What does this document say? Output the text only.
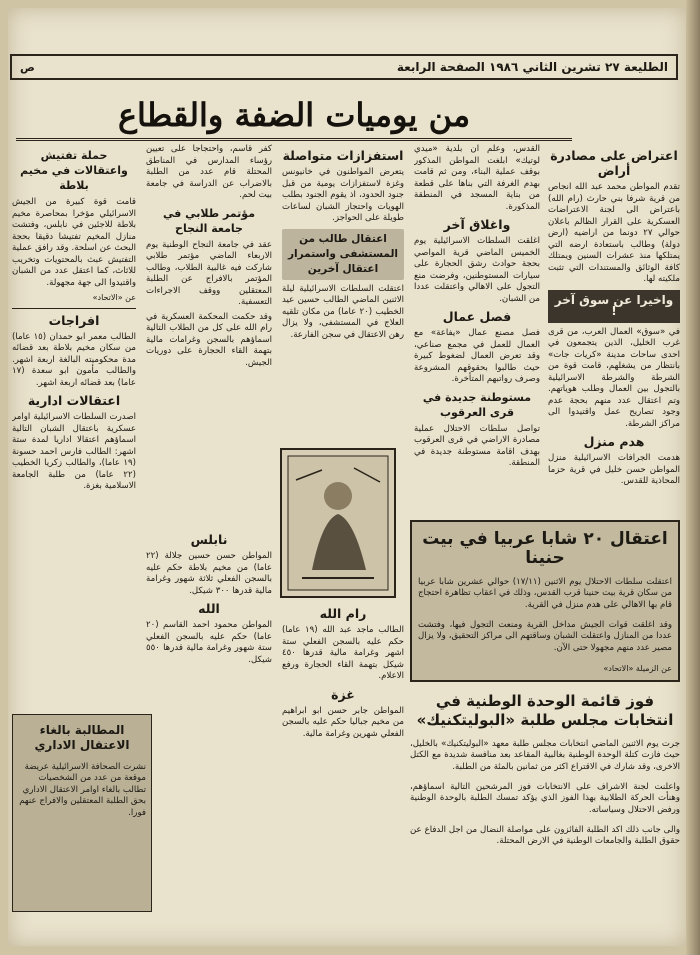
الطليعة ٢٧ تشرين الثاني ١٩٨٦ الصفحة الرابعة
ص
من يوميات الضفة والقطاع
اعتراض على مصادرة أراض

تقدم المواطن محمد عبد الله انجاص من قرية شرفا بني حارث (رام الله) باعتراض الى لجنة الاعتراضات العسكرية على القرار الظالم باعلان حوالي ٢٧ دونما من اراضيه (ارض دولة) وطالب باستعادة ارضه التي يمتلكها منذ عشرات السنين ويمتلك كافة الوثائق والمستندات التي تثبت ملكيته لها.

واخيرا عن سوق آخر !

في «سوق» العمال العرب، من قرى غرب الخليل، الذين يتجمعون في احدى ساحات مدينة «كريات جات» بانتظار من يشغلهم، قامت قوة من الشرطة والشرطة الاسرائيلية بالتجول بين العمال وطلب هوياتهم. وتم اعتقال عدد منهم بحجة عدم وجود تصاريح عمل واقتيدوا الى مراكز الشرطة.

هدم منزل

هدمت الجرافات الاسرائيلية منزل المواطن حسن خليل في قرية حزما المحاذية للقدس.

القدس، وعلم ان بلدية «ميدي لوتيك» ابلغت المواطن المذكور بوقف عملية البناء، ومن ثم قامت بهدم الغرفة التي بناها على قطعة من بناية المسجد في المنطقة المذكورة.

واغلاق آخر

اغلقت السلطات الاسرائيلية يوم الخميس الماضي قرية المواصي بحجة حوادث رشق الحجارة على سيارات المستوطنين، وفرضت منع التجول على الاهالي واعتقلت عددا من الشبان.

فصل عمال

فصل مصنع عمال «يفاعة» مع العمال للعمل في مجمع صناعي، وقد تعرض العمال لضغوط كبيرة حيث طالبوا بحقوقهم المشروعة وصرف رواتبهم المتأخرة.

مستوطنة جديدة في قرى العرقوب

تواصل سلطات الاحتلال عملية مصادرة الاراضي في قرى العرقوب بهدف اقامة مستوطنة جديدة في المنطقة.

استفزازات متواصلة

يتعرض المواطنون في خانيونس وغزة لاستفزازات يومية من قبل جنود الحدود، اذ يقوم الجنود بطلب الهويات واحتجاز الشبان لساعات طويلة على الحواجز.

اعتقال طالب من المستشفى واستمرار اعتقال آخرين

اعتقلت السلطات الاسرائيلية ليلة الاثنين الماضي الطالب حسين عيد الخطيب (٢٠ عاما) من مكان تلقيه العلاج في المستشفى، ولا يزال رهن الاعتقال في سجن الفارعة.

كفر قاسم، واحتجاجا على تعيين رؤساء المدارس في المناطق المحتلة قام عدد من الطلبة بالاضراب عن الدراسة في جامعة بيت لحم.

مؤتمر طلابي في جامعة النجاح

عقد في جامعة النجاح الوطنية يوم الاربعاء الماضي مؤتمر طلابي شاركت فيه غالبية الطلاب، وطالب المؤتمر بالافراج عن الطلبة المعتقلين ووقف الاجراءات التعسفية.

وقد حكمت المحكمة العسكرية في رام الله على كل من الطلاب التالية اسماؤهم بالسجن وغرامات مالية بتهمة القاء الحجارة على دوريات الجيش.

حملة تفتيش واعتقالات في مخيم بلاطة

قامت قوة كبيرة من الجيش الاسرائيلي مؤخرا بمحاصرة مخيم بلاطة للاجئين في نابلس، وفتشت منازل المخيم تفتيشا دقيقا بحجة البحث عن اسلحة. وقد رافق عملية التفتيش عبث بالمحتويات وتخريب للاثاث، كما اعتقل عدد من الشبان واقتيدوا الى جهة مجهولة.

عن «الاتحاد»
افراجات

الطالب معمر ابو حمدان (١٥ عاما) من سكان مخيم بلاطة بعد قضائه مدة محكوميته البالغة اربعة اشهر. والطالب مأمون ابو سعدة (١٧ عاما) بعد قضائه اربعة اشهر.

اعتقالات ادارية

اصدرت السلطات الاسرائيلية اوامر عسكرية باعتقال الشبان التالية اسماؤهم اعتقالا اداريا لمدة ستة اشهر: الطالب فارس احمد حسونة (١٩ عاما)، والطالب زكريا الخطيب (٢٢ عاما) من طلبة الجامعة الاسلامية بغزة.

المطالبة بالغاء الاعتقال الاداري

نشرت الصحافة الاسرائيلية عريضة موقعة من عدد من الشخصيات تطالب بالغاء اوامر الاعتقال الاداري بحق الطلبة المعتقلين والافراج عنهم فورا.

نابلس

المواطن حسن حسين جلالة (٢٢ عاما) من مخيم بلاطة حكم عليه بالسجن الفعلي ثلاثة شهور وغرامة مالية قدرها ٣٠٠ شيكل.

الله

المواطن محمود احمد القاسم (٢٠ عاما) حكم عليه بالسجن الفعلي ستة شهور وغرامة مالية قدرها ٥٥٠ شيكل.

رام الله

الطالب ماجد عبد الله (١٩ عاما) حكم عليه بالسجن الفعلي ستة اشهر وغرامة مالية قدرها ٤٥٠ شيكل بتهمة القاء الحجارة ورفع الاعلام.

غزة

المواطن جابر حسن ابو ابراهيم من مخيم جباليا حكم عليه بالسجن الفعلي شهرين وغرامة مالية.

اعتقال ٢٠ شابا عربيا في بيت حنينا

اعتقلت سلطات الاحتلال يوم الاثنين (١٧/١١) حوالي عشرين شابا عربيا من سكان قرية بيت حنينا قرب القدس، وذلك في اعقاب تظاهرة احتجاج قام بها الاهالي على هدم منزل في القرية.

وقد اغلقت قوات الجيش مداخل القرية ومنعت التجول فيها، وفتشت عددا من المنازل واعتقلت الشبان وساقتهم الى مراكز التحقيق، ولا يزال مصير عدد منهم مجهولا حتى الآن.

عن الزميلة «الاتحاد»
فوز قائمة الوحدة الوطنية في انتخابات مجلس طلبة «البوليتكنيك»

جرت يوم الاثنين الماضي انتخابات مجلس طلبة معهد «البوليتكنيك» بالخليل، حيث فازت كتلة الوحدة الوطنية بغالبية المقاعد بعد منافسة شديدة مع الكتل الاخرى، وقد شارك في الاقتراع اكثر من ثمانين بالمئة من الطلبة.

واعلنت لجنة الاشراف على الانتخابات فوز المرشحين التالية اسماؤهم، وهنأت الحركة الطلابية بهذا الفوز الذي يؤكد تمسك الطلبة بالوحدة الوطنية ورفض الاحتلال وسياساته.

والى جانب ذلك اكد الطلبة الفائزون على مواصلة النضال من اجل الدفاع عن حقوق الطلبة والجامعات الوطنية في الارض المحتلة.
